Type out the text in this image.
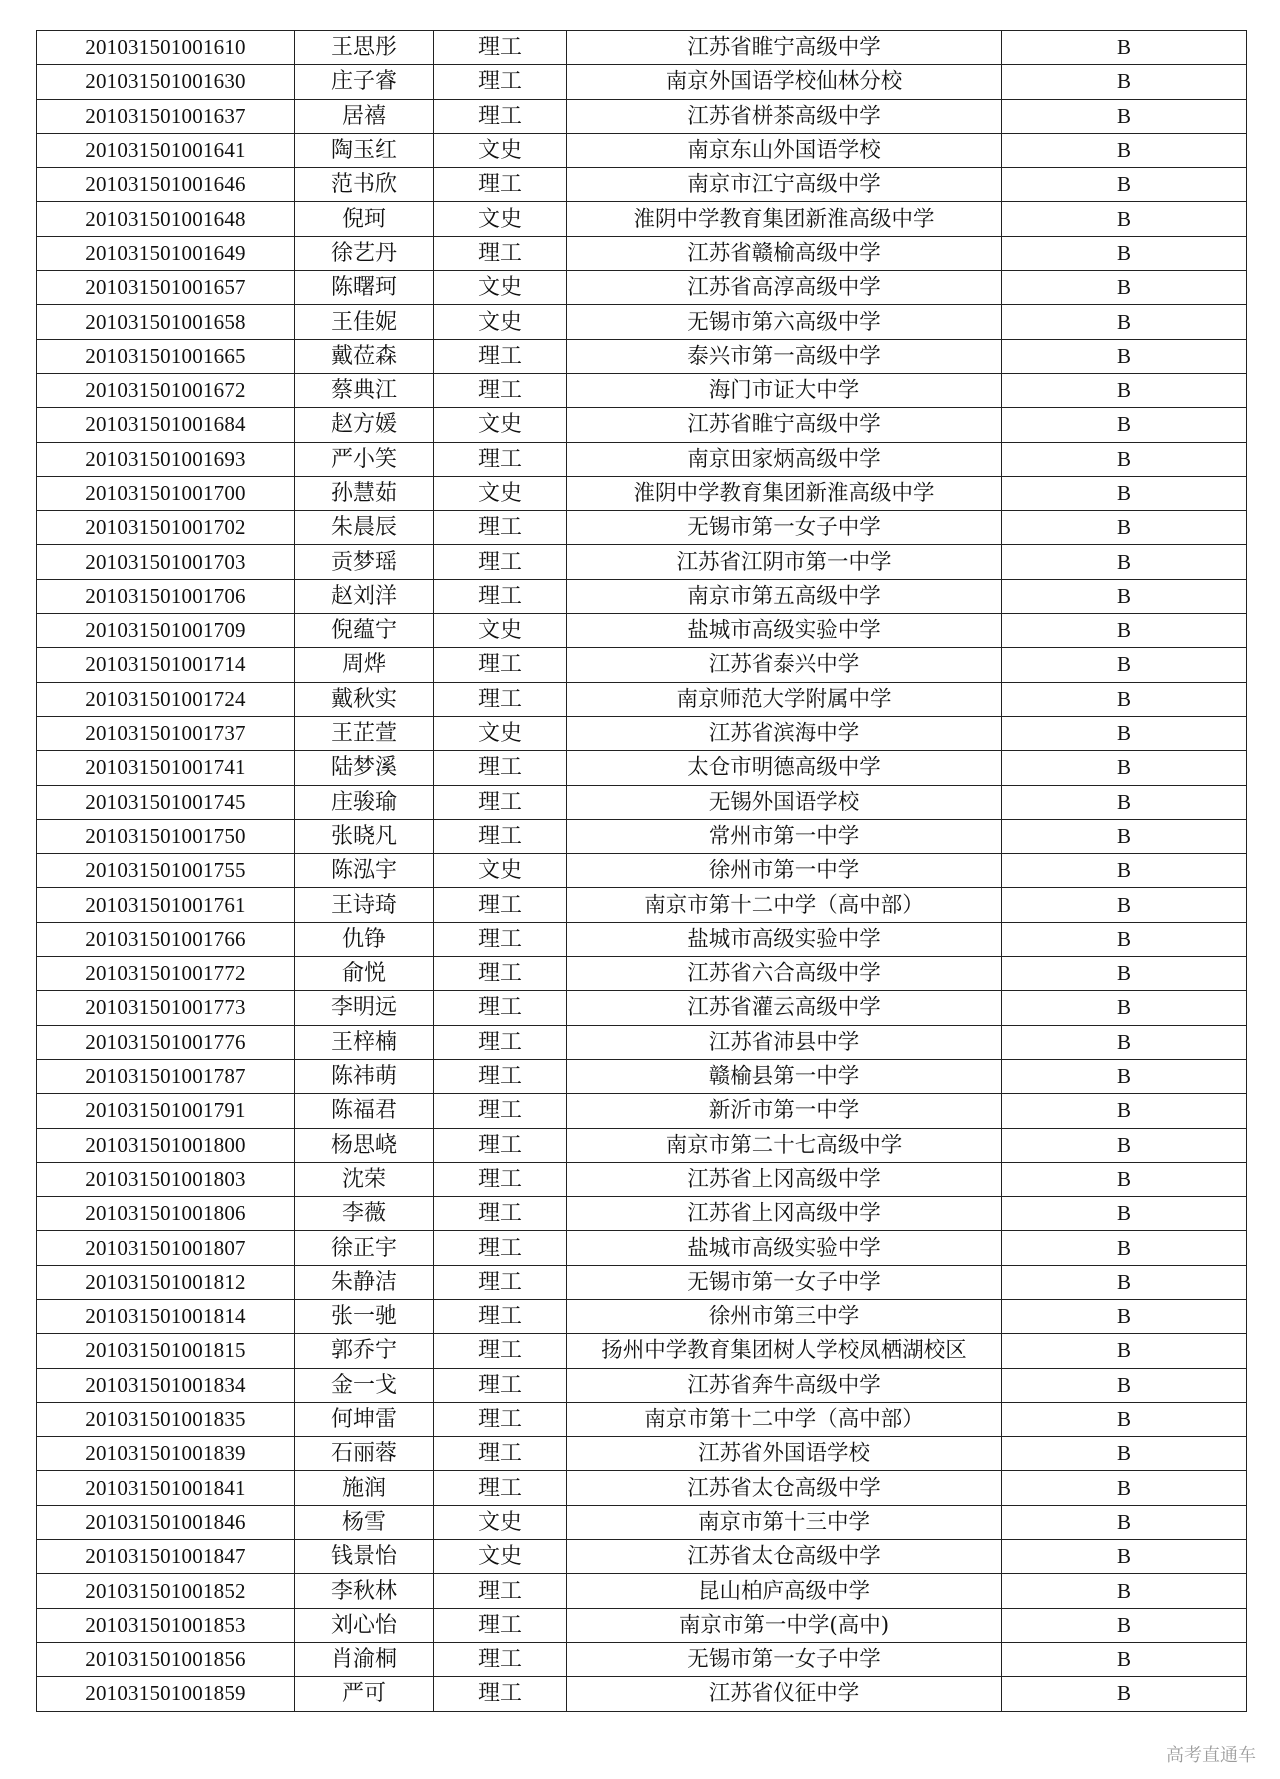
201031501001610	王思彤	理工	江苏省睢宁高级中学	B
201031501001630	庄子睿	理工	南京外国语学校仙林分校	B
201031501001637	居禧	理工	江苏省栟茶高级中学	B
201031501001641	陶玉红	文史	南京东山外国语学校	B
201031501001646	范书欣	理工	南京市江宁高级中学	B
201031501001648	倪珂	文史	淮阴中学教育集团新淮高级中学	B
201031501001649	徐艺丹	理工	江苏省赣榆高级中学	B
201031501001657	陈曙珂	文史	江苏省高淳高级中学	B
201031501001658	王佳妮	文史	无锡市第六高级中学	B
201031501001665	戴莅森	理工	泰兴市第一高级中学	B
201031501001672	蔡典江	理工	海门市证大中学	B
201031501001684	赵方媛	文史	江苏省睢宁高级中学	B
201031501001693	严小笑	理工	南京田家炳高级中学	B
201031501001700	孙慧茹	文史	淮阴中学教育集团新淮高级中学	B
201031501001702	朱晨辰	理工	无锡市第一女子中学	B
201031501001703	贡梦瑶	理工	江苏省江阴市第一中学	B
201031501001706	赵刘洋	理工	南京市第五高级中学	B
201031501001709	倪蕴宁	文史	盐城市高级实验中学	B
201031501001714	周烨	理工	江苏省泰兴中学	B
201031501001724	戴秋实	理工	南京师范大学附属中学	B
201031501001737	王芷萱	文史	江苏省滨海中学	B
201031501001741	陆梦溪	理工	太仓市明德高级中学	B
201031501001745	庄骏瑜	理工	无锡外国语学校	B
201031501001750	张晓凡	理工	常州市第一中学	B
201031501001755	陈泓宇	文史	徐州市第一中学	B
201031501001761	王诗琦	理工	南京市第十二中学（高中部）	B
201031501001766	仇铮	理工	盐城市高级实验中学	B
201031501001772	俞悦	理工	江苏省六合高级中学	B
201031501001773	李明远	理工	江苏省灌云高级中学	B
201031501001776	王梓楠	理工	江苏省沛县中学	B
201031501001787	陈祎萌	理工	赣榆县第一中学	B
201031501001791	陈福君	理工	新沂市第一中学	B
201031501001800	杨思峣	理工	南京市第二十七高级中学	B
201031501001803	沈荣	理工	江苏省上冈高级中学	B
201031501001806	李薇	理工	江苏省上冈高级中学	B
201031501001807	徐正宇	理工	盐城市高级实验中学	B
201031501001812	朱静洁	理工	无锡市第一女子中学	B
201031501001814	张一驰	理工	徐州市第三中学	B
201031501001815	郭乔宁	理工	扬州中学教育集团树人学校凤栖湖校区	B
201031501001834	金一戈	理工	江苏省奔牛高级中学	B
201031501001835	何坤雷	理工	南京市第十二中学（高中部）	B
201031501001839	石丽蓉	理工	江苏省外国语学校	B
201031501001841	施润	理工	江苏省太仓高级中学	B
201031501001846	杨雪	文史	南京市第十三中学	B
201031501001847	钱景怡	文史	江苏省太仓高级中学	B
201031501001852	李秋林	理工	昆山柏庐高级中学	B
201031501001853	刘心怡	理工	南京市第一中学(高中)	B
201031501001856	肖渝桐	理工	无锡市第一女子中学	B
201031501001859	严可	理工	江苏省仪征中学	B
高考直通车
